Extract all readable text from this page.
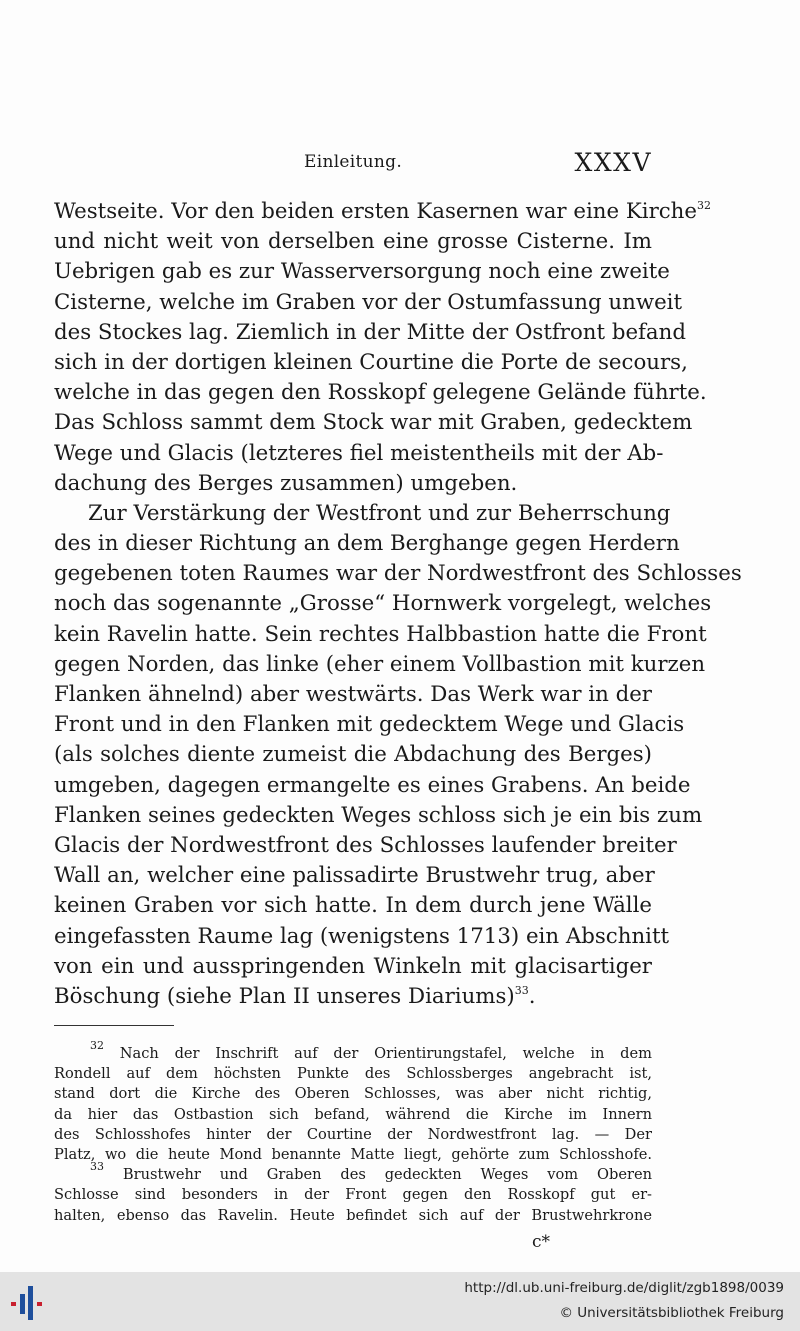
Einleitung.	XXXV
Westseite. Vor den beiden ersten Kasernen war eine Kirche$^{32}$
und nicht weit von derselben eine grosse Cisterne. Im
Uebrigen gab es zur Wasserversorgung noch eine zweite
Cisterne, welche im Graben vor der Ostumfassung unweit
des Stockes lag. Ziemlich in der Mitte der Ostfront befand
sich in der dortigen kleinen Courtine die Porte de secours,
welche in das gegen den Rosskopf gelegene Gelände führte.
Das Schloss sammt dem Stock war mit Graben, gedecktem
Wege und Glacis (letzteres fiel meistentheils mit der Ab-
dachung des Berges zusammen) umgeben.
Zur Verstärkung der Westfront und zur Beherrschung
des in dieser Richtung an dem Berghange gegen Herdern
gegebenen toten Raumes war der Nordwestfront des Schlosses
noch das sogenannte „Grosse“ Hornwerk vorgelegt, welches
kein Ravelin hatte. Sein rechtes Halbbastion hatte die Front
gegen Norden, das linke (eher einem Vollbastion mit kurzen
Flanken ähnelnd) aber westwärts. Das Werk war in der
Front und in den Flanken mit gedecktem Wege und Glacis
(als solches diente zumeist die Abdachung des Berges)
umgeben, dagegen ermangelte es eines Grabens. An beide
Flanken seines gedeckten Weges schloss sich je ein bis zum
Glacis der Nordwestfront des Schlosses laufender breiter
Wall an, welcher eine palissadirte Brustwehr trug, aber
keinen Graben vor sich hatte. In dem durch jene Wälle
eingefassten Raume lag (wenigstens 1713) ein Abschnitt
von ein und ausspringenden Winkeln mit glacisartiger
Böschung (siehe Plan II unseres Diariums)$^{33}$.
$^{32}$ Nach der Inschrift auf der Orientirungstafel, welche in dem
Rondell auf dem höchsten Punkte des Schlossberges angebracht ist,
stand dort die Kirche des Oberen Schlosses, was aber nicht richtig,
da hier das Ostbastion sich befand, während die Kirche im Innern
des Schlosshofes hinter der Courtine der Nordwestfront lag. — Der
Platz, wo die heute Mond benannte Matte liegt, gehörte zum Schlosshofe.
$^{33}$ Brustwehr und Graben des gedeckten Weges vom Oberen
Schlosse sind besonders in der Front gegen den Rosskopf gut er-
halten, ebenso das Ravelin. Heute befindet sich auf der Brustwehrkrone
c*
http://dl.ub.uni-freiburg.de/diglit/zgb1898/0039
© Universitätsbibliothek Freiburg
